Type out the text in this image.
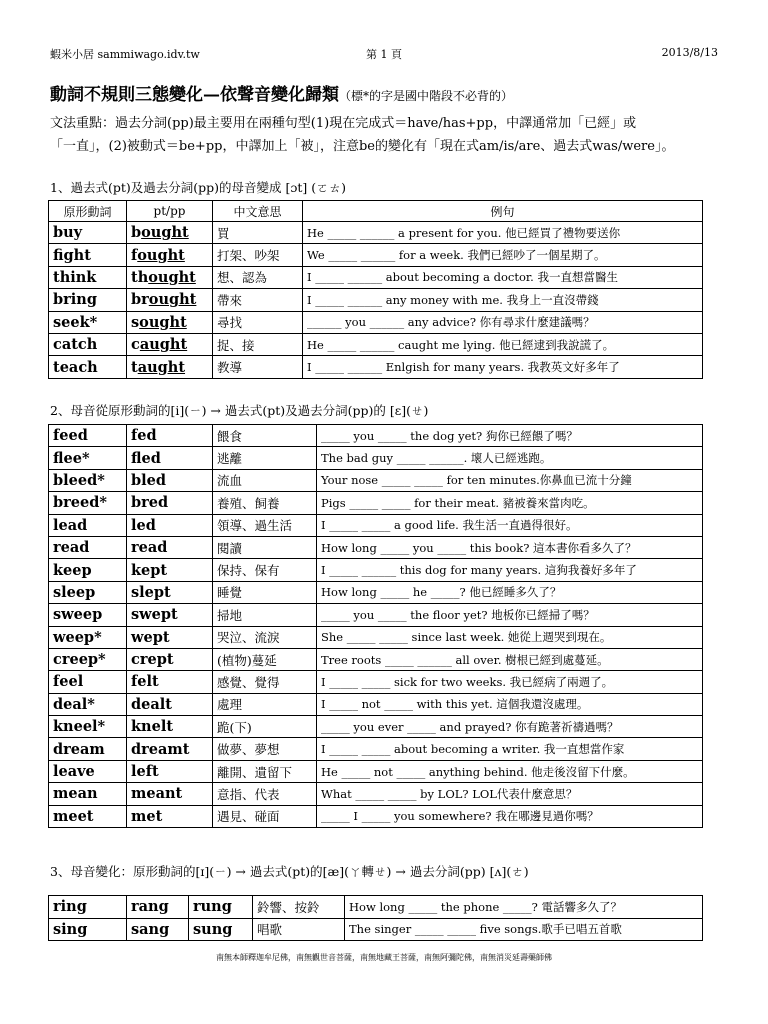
蝦米小居 sammiwago.idv.tw	第 1 頁	2013/8/13
動詞不規則三態變化—依聲音變化歸類（標*的字是國中階段不必背的）
文法重點：過去分詞(pp)最主要用在兩種句型(1)現在完成式＝have/has+pp，中譯通常加「已經」或
「一直」，(2)被動式＝be+pp，中譯加上「被」，注意be的變化有「現在式am/is/are、過去式was/were」。
1、過去式(pt)及過去分詞(pp)的母音變成 [ɔt] (ㄛㄊ)
原形動詞	pt/pp	中文意思	例句
buy	bought	買	He _____ ______ a present for you. 他已經買了禮物要送你
fight	fought	打架、吵架	We _____ ______ for a week. 我們已經吵了一個星期了。
think	thought	想、認為	I _____ ______ about becoming a doctor. 我一直想當醫生
bring	brought	帶來	I _____ ______ any money with me. 我身上一直沒帶錢
seek*	sought	尋找	______ you ______ any advice? 你有尋求什麼建議嗎？
catch	caught	捉、接	He _____ ______ caught me lying. 他已經逮到我說謊了。
teach	taught	教導	I _____ ______ Enlgish for many years. 我教英文好多年了
2、母音從原形動詞的[i](ㄧ) → 過去式(pt)及過去分詞(pp)的 [ɛ](ㄝ)
feed	fed	餵食	_____ you _____ the dog yet? 狗你已經餵了嗎？
flee*	fled	逃離	The bad guy _____ ______. 壞人已經逃跑。
bleed*	bled	流血	Your nose _____ _____ for ten minutes.你鼻血已流十分鐘
breed*	bred	養殖、飼養	Pigs _____ _____ for their meat. 豬被養來當肉吃。
lead	led	領導、過生活	I _____ _____ a good life. 我生活一直過得很好。
read	read	閱讀	How long _____ you _____ this book? 這本書你看多久了？
keep	kept	保持、保有	I _____ ______ this dog for many years. 這狗我養好多年了
sleep	slept	睡覺	How long _____ he _____? 他已經睡多久了？
sweep	swept	掃地	_____ you _____ the floor yet? 地板你已經掃了嗎？
weep*	wept	哭泣、流淚	She _____ _____ since last week. 她從上週哭到現在。
creep*	crept	(植物)蔓延	Tree roots _____ ______ all over. 樹根已經到處蔓延。
feel	felt	感覺、覺得	I _____ _____ sick for two weeks. 我已經病了兩週了。
deal*	dealt	處理	I _____ not _____ with this yet. 這個我還沒處理。
kneel*	knelt	跪(下)	_____ you ever _____ and prayed? 你有跪著祈禱過嗎？
dream	dreamt	做夢、夢想	I _____ _____ about becoming a writer. 我一直想當作家
leave	left	離開、遺留下	He _____ not _____ anything behind. 他走後沒留下什麼。
mean	meant	意指、代表	What _____ _____ by LOL? LOL代表什麼意思？
meet	met	遇見、碰面	_____ I _____ you somewhere? 我在哪邊見過你嗎？
3、母音變化：原形動詞的[ɪ](ㄧ) → 過去式(pt)的[æ](ㄚ轉ㄝ) → 過去分詞(pp) [ʌ](ㄜ)
ring	rang	rung	鈴響、按鈴	How long _____ the phone _____? 電話響多久了？
sing	sang	sung	唱歌	The singer _____ _____ five songs.歌手已唱五首歌
南無本師釋迦牟尼佛，南無觀世音菩薩，南無地藏王菩薩，南無阿彌陀佛，南無消災延壽藥師佛
